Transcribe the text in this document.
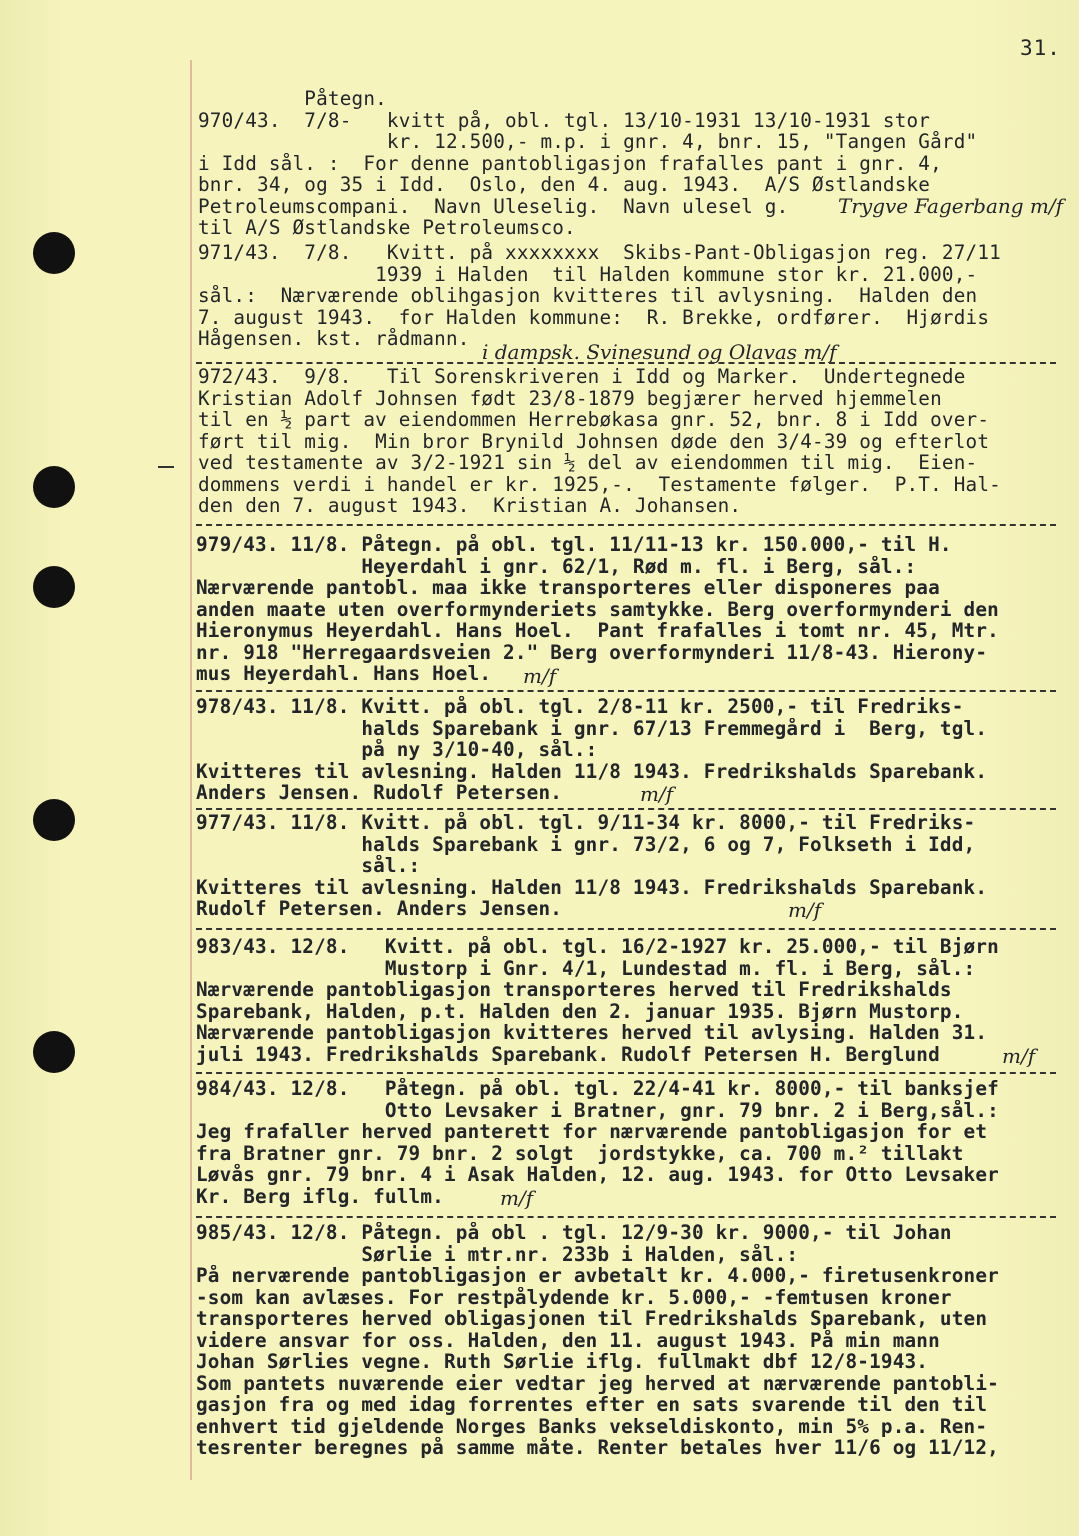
31.
Påtegn.
970/43.  7/8-   kvitt på, obl. tgl. 13/10-1931 13/10-1931 stor
kr. 12.500,- m.p. i gnr. 4, bnr. 15, "Tangen Gård"
i Idd sål. :  For denne pantobligasjon frafalles pant i gnr. 4,
bnr. 34, og 35 i Idd.  Oslo, den 4. aug. 1943.  A/S Østlandske
Petroleumscompani.  Navn Uleselig.  Navn ulesel g.
til A/S Østlandske Petroleumsco.
Trygve Fagerbang m/f
971/43.  7/8.   Kvitt. på xxxxxxxx  Skibs-Pant-Obligasjon reg. 27/11
1939 i Halden  til Halden kommune stor kr. 21.000,-
sål.:  Nærværende oblihgasjon kvitteres til avlysning.  Halden den
7. august 1943.  for Halden kommune:  R. Brekke, ordfører.  Hjørdis
Hågensen. kst. rådmann.
i dampsk. Svinesund og Olavas m/f
972/43.  9/8.   Til Sorenskriveren i Idd og Marker.  Undertegnede
Kristian Adolf Johnsen født 23/8-1879 begjærer herved hjemmelen
til en ½ part av eiendommen Herrebøkasa gnr. 52, bnr. 8 i Idd over-
ført til mig.  Min bror Brynild Johnsen døde den 3/4-39 og efterlot
ved testamente av 3/2-1921 sin ½ del av eiendommen til mig.  Eien-
dommens verdi i handel er kr. 1925,-.  Testamente følger.  P.T. Hal-
den den 7. august 1943.  Kristian A. Johansen.
979/43. 11/8. Påtegn. på obl. tgl. 11/11-13 kr. 150.000,- til H.
Heyerdahl i gnr. 62/1, Rød m. fl. i Berg, sål.:
Nærværende pantobl. maa ikke transporteres eller disponeres paa
anden maate uten overformynderiets samtykke. Berg overformynderi den
Hieronymus Heyerdahl. Hans Hoel.  Pant frafalles i tomt nr. 45, Mtr.
nr. 918 "Herregaardsveien 2." Berg overformynderi 11/8-43. Hierony-
mus Heyerdahl. Hans Hoel.	m/f
978/43. 11/8. Kvitt. på obl. tgl. 2/8-11 kr. 2500,- til Fredriks-
halds Sparebank i gnr. 67/13 Fremmegård i  Berg, tgl.
på ny 3/10-40, sål.:
Kvitteres til avlesning. Halden 11/8 1943. Fredrikshalds Sparebank.
Anders Jensen. Rudolf Petersen.	m/f
977/43. 11/8. Kvitt. på obl. tgl. 9/11-34 kr. 8000,- til Fredriks-
halds Sparebank i gnr. 73/2, 6 og 7, Folkseth i Idd,
sål.:
Kvitteres til avlesning. Halden 11/8 1943. Fredrikshalds Sparebank.
Rudolf Petersen. Anders Jensen.	m/f
983/43. 12/8.   Kvitt. på obl. tgl. 16/2-1927 kr. 25.000,- til Bjørn
Mustorp i Gnr. 4/1, Lundestad m. fl. i Berg, sål.:
Nærværende pantobligasjon transporteres herved til Fredrikshalds
Sparebank, Halden, p.t. Halden den 2. januar 1935. Bjørn Mustorp.
Nærværende pantobligasjon kvitteres herved til avlysing. Halden 31.
juli 1943. Fredrikshalds Sparebank. Rudolf Petersen H. Berglund	m/f
984/43. 12/8.   Påtegn. på obl. tgl. 22/4-41 kr. 8000,- til banksjef
Otto Levsaker i Bratner, gnr. 79 bnr. 2 i Berg,sål.:
Jeg frafaller herved panterett for nærværende pantobligasjon for et
fra Bratner gnr. 79 bnr. 2 solgt  jordstykke, ca. 700 m.² tillakt
Løvås gnr. 79 bnr. 4 i Asak Halden, 12. aug. 1943. for Otto Levsaker
Kr. Berg iflg. fullm.	m/f
985/43. 12/8. Påtegn. på obl . tgl. 12/9-30 kr. 9000,- til Johan
Sørlie i mtr.nr. 233b i Halden, sål.:
På nerværende pantobligasjon er avbetalt kr. 4.000,- firetusenkroner
-som kan avlæses. For restpålydende kr. 5.000,- -femtusen kroner
transporteres herved obligasjonen til Fredrikshalds Sparebank, uten
videre ansvar for oss. Halden, den 11. august 1943. På min mann
Johan Sørlies vegne. Ruth Sørlie iflg. fullmakt dbf 12/8-1943.
Som pantets nuværende eier vedtar jeg herved at nærværende pantobli-
gasjon fra og med idag forrentes efter en sats svarende til den til
enhvert tid gjeldende Norges Banks vekseldiskonto, min 5% p.a. Ren-
tesrenter beregnes på samme måte. Renter betales hver 11/6 og 11/12,
